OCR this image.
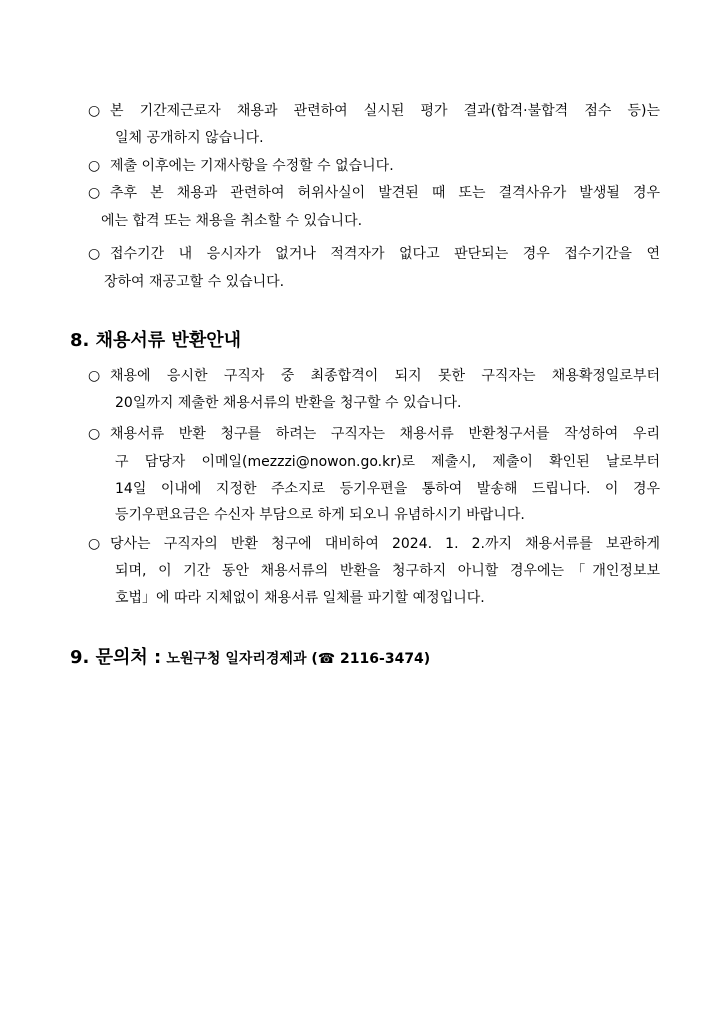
○ 본 기간제근로자 채용과 관련하여 실시된 평가 결과(합격·불합격 점수 등)는
일체 공개하지 않습니다.
○ 제출 이후에는 기재사항을 수정할 수 없습니다.
○ 추후 본 채용과 관련하여 허위사실이 발견된 때 또는 결격사유가 발생될 경우
에는 합격 또는 채용을 취소할 수 있습니다.
○ 접수기간 내 응시자가 없거나 적격자가 없다고 판단되는 경우 접수기간을 연
장하여 재공고할 수 있습니다.
8. 채용서류 반환안내
○ 채용에 응시한 구직자 중 최종합격이 되지 못한 구직자는 채용확정일로부터
20일까지 제출한 채용서류의 반환을 청구할 수 있습니다.
○ 채용서류 반환 청구를 하려는 구직자는 채용서류 반환청구서를 작성하여 우리
구 담당자 이메일(mezzzi@nowon.go.kr)로 제출시, 제출이 확인된 날로부터
14일 이내에 지정한 주소지로 등기우편을 통하여 발송해 드립니다. 이 경우
등기우편요금은 수신자 부담으로 하게 되오니 유념하시기 바랍니다.
○ 당사는 구직자의 반환 청구에 대비하여 2024. 1. 2.까지 채용서류를 보관하게
되며, 이 기간 동안 채용서류의 반환을 청구하지 아니할 경우에는「개인정보보
호법」에 따라 지체없이 채용서류 일체를 파기할 예정입니다.
9. 문의처 : 노원구청 일자리경제과 (☎ 2116-3474)
